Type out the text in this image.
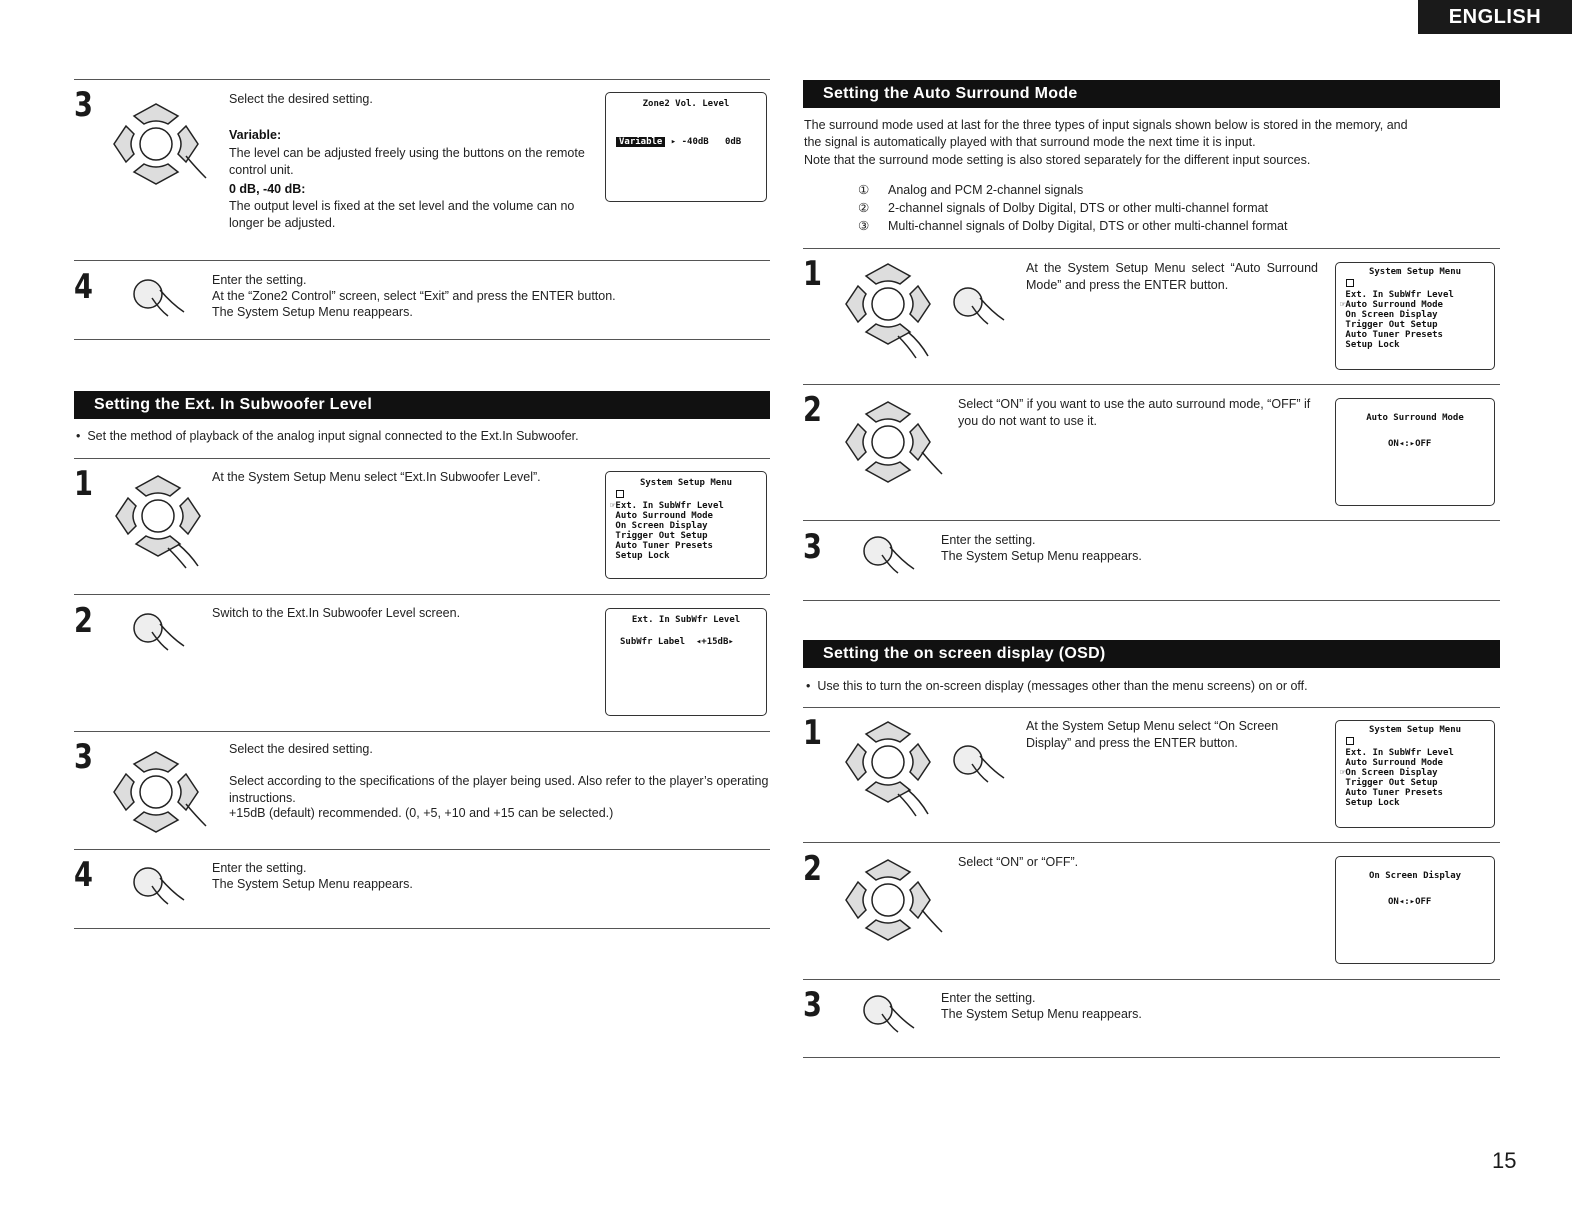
ENGLISH
3	Select the desired setting.
Variable:
The level can be adjusted freely using the buttons on the remote control unit.
0 dB, -40 dB:
The output level is fixed at the set level and the volume can no longer be adjusted.
Zone2 Vol. Level
Variable ▸ -40dB   0dB
4	Enter the setting.
At the “Zone2 Control” screen, select “Exit” and press the ENTER button.
The System Setup Menu reappears.
Setting the Ext. In Subwoofer Level
•  Set the method of playback of the analog input signal connected to the Ext.In Subwoofer.
1	At the System Setup Menu select “Ext.In Subwoofer Level”.	System Setup Menu
☞Ext. In SubWfr Level
Auto Surround Mode
On Screen Display
Trigger Out Setup
Auto Tuner Presets
Setup Lock
2	Switch to the Ext.In Subwoofer Level screen.	Ext. In SubWfr Level
SubWfr Label  ◂+15dB▸
3	Select the desired setting.
Select according to the specifications of the player being used. Also refer to the player’s operating instructions.
+15dB (default) recommended. (0, +5, +10 and +15 can be selected.)
4	Enter the setting.
The System Setup Menu reappears.
Setting the Auto Surround Mode
The surround mode used at last for the three types of input signals shown below is stored in the memory, and
the signal is automatically played with that surround mode the next time it is input.
Note that the surround mode setting is also stored separately for the different input sources.
① Analog and PCM 2-channel signals
② 2-channel signals of Dolby Digital, DTS or other multi-channel format
③ Multi-channel signals of Dolby Digital, DTS or other multi-channel format
1	At the System Setup Menu select “Auto Surround Mode” and press the ENTER button.
System Setup Menu
Ext. In SubWfr Level
☞Auto Surround Mode
On Screen Display
Trigger Out Setup
Auto Tuner Presets
Setup Lock
2	Select “ON” if you want to use the auto surround mode, “OFF” if you do not want to use it.	Auto Surround Mode
ON◂:▸OFF
3	Enter the setting.
The System Setup Menu reappears.
Setting the on screen display (OSD)
•  Use this to turn the on-screen display (messages other than the menu screens) on or off.
1	At the System Setup Menu select “On Screen Display” and press the ENTER button.
System Setup Menu
Ext. In SubWfr Level
Auto Surround Mode
☞On Screen Display
Trigger Out Setup
Auto Tuner Presets
Setup Lock
2	Select “ON” or “OFF”.
On Screen Display
ON◂:▸OFF
3	Enter the setting.
The System Setup Menu reappears.
15
